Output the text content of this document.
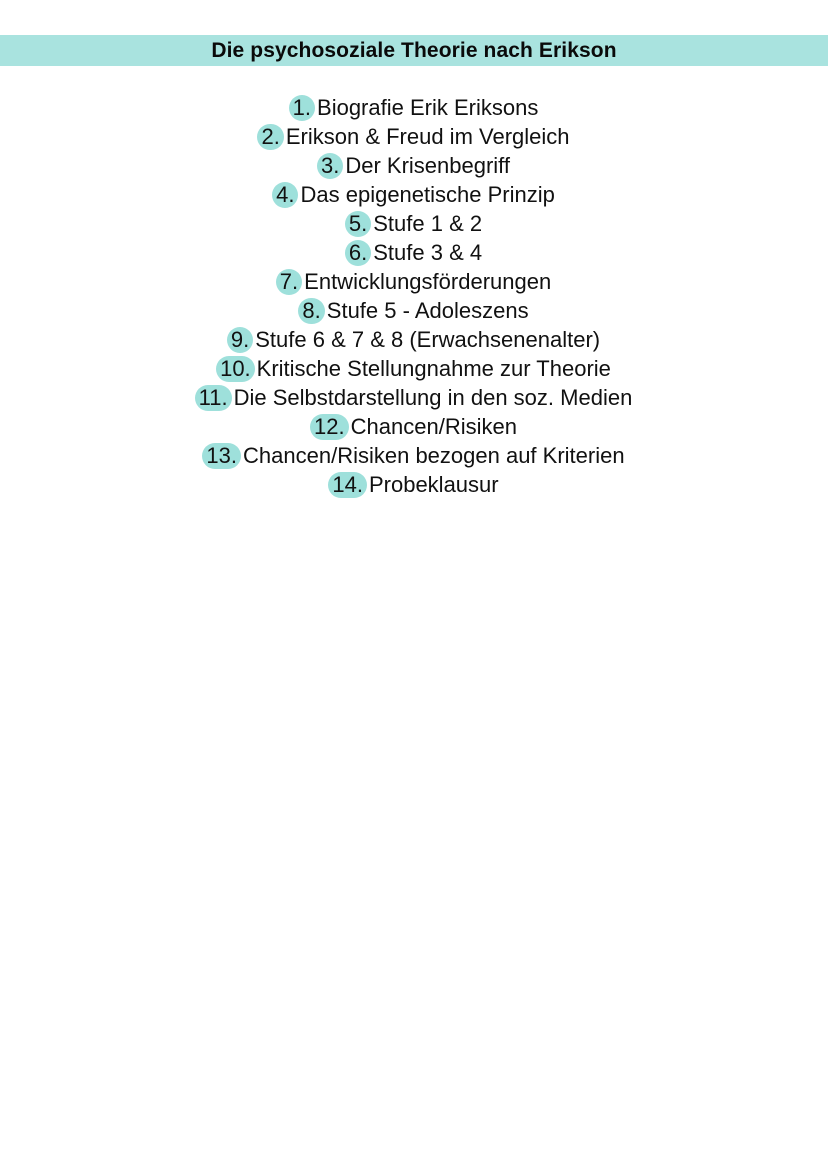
Die psychosoziale Theorie nach Erikson
1. Biografie Erik Eriksons
2. Erikson & Freud im Vergleich
3. Der Krisenbegriff
4. Das epigenetische Prinzip
5. Stufe 1 & 2
6. Stufe 3 & 4
7. Entwicklungsförderungen
8. Stufe 5 - Adoleszens
9. Stufe 6 & 7 & 8 (Erwachsenenalter)
10. Kritische Stellungnahme zur Theorie
11. Die Selbstdarstellung in den soz. Medien
12. Chancen/Risiken
13. Chancen/Risiken bezogen auf Kriterien
14. Probeklausur
